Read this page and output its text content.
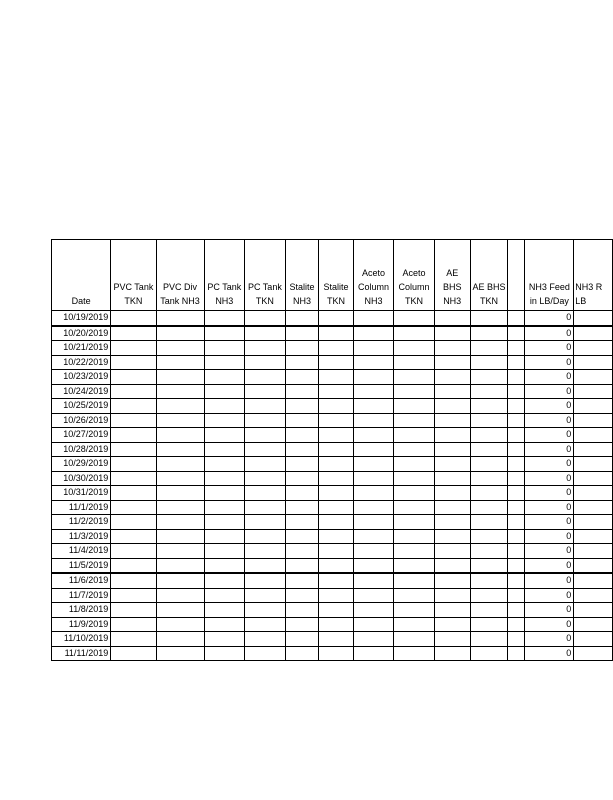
Date	PVC Tank TKN	PVC Div Tank NH3	PC Tank NH3	PC Tank TKN	Stalite NH3	Stalite TKN	Aceto Column NH3	Aceto Column TKN	AE BHS NH3	AE BHS TKN		NH3 Feed in LB/Day	NH3 R LB
10/19/2019												0	
10/20/2019												0	
10/21/2019												0	
10/22/2019												0	
10/23/2019												0	
10/24/2019												0	
10/25/2019												0	
10/26/2019												0	
10/27/2019												0	
10/28/2019												0	
10/29/2019												0	
10/30/2019												0	
10/31/2019												0	
11/1/2019												0	
11/2/2019												0	
11/3/2019												0	
11/4/2019												0	
11/5/2019												0	
11/6/2019												0	
11/7/2019												0	
11/8/2019												0	
11/9/2019												0	
11/10/2019												0	
11/11/2019												0	
